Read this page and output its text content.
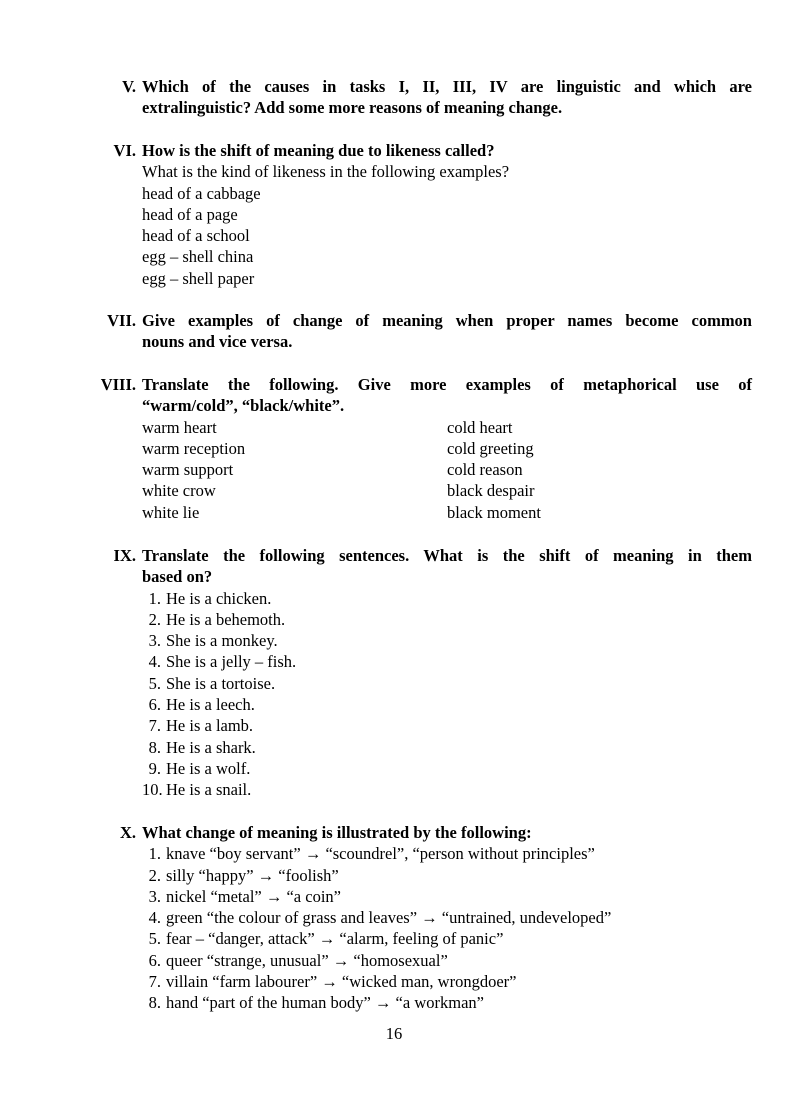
V. Which of the causes in tasks I, II, III, IV are linguistic and which are
extralinguistic? Add some more reasons of meaning change.
VI. How is the shift of meaning due to likeness called?
What is the kind of likeness in the following examples?
head of a cabbage
head of a page
head of a school
egg – shell china
egg – shell paper
VII. Give examples of change of meaning when proper names become common
nouns and vice versa.
VIII. Translate the following. Give more examples of metaphorical use of
“warm/cold”, “black/white”.
warm heart
warm reception
warm support
white crow
white lie
cold heart
cold greeting
cold reason
black despair
black moment
IX. Translate the following sentences. What is the shift of meaning in them
based on?
1. He is a chicken.
2. He is a behemoth.
3. She is a monkey.
4. She is a jelly – fish.
5. She is a tortoise.
6. He is a leech.
7. He is a lamb.
8. He is a shark.
9. He is a wolf.
10. He is a snail.
X. What change of meaning is illustrated by the following:
1. knave “boy servant” → “scoundrel”, “person without principles”
2. silly “happy” → “foolish”
3. nickel “metal” → “a coin”
4. green “the colour of grass and leaves” → “untrained, undeveloped”
5. fear – “danger, attack” → “alarm, feeling of panic”
6. queer “strange, unusual” → “homosexual”
7. villain “farm labourer” → “wicked man, wrongdoer”
8. hand “part of the human body” → “a workman”
16
